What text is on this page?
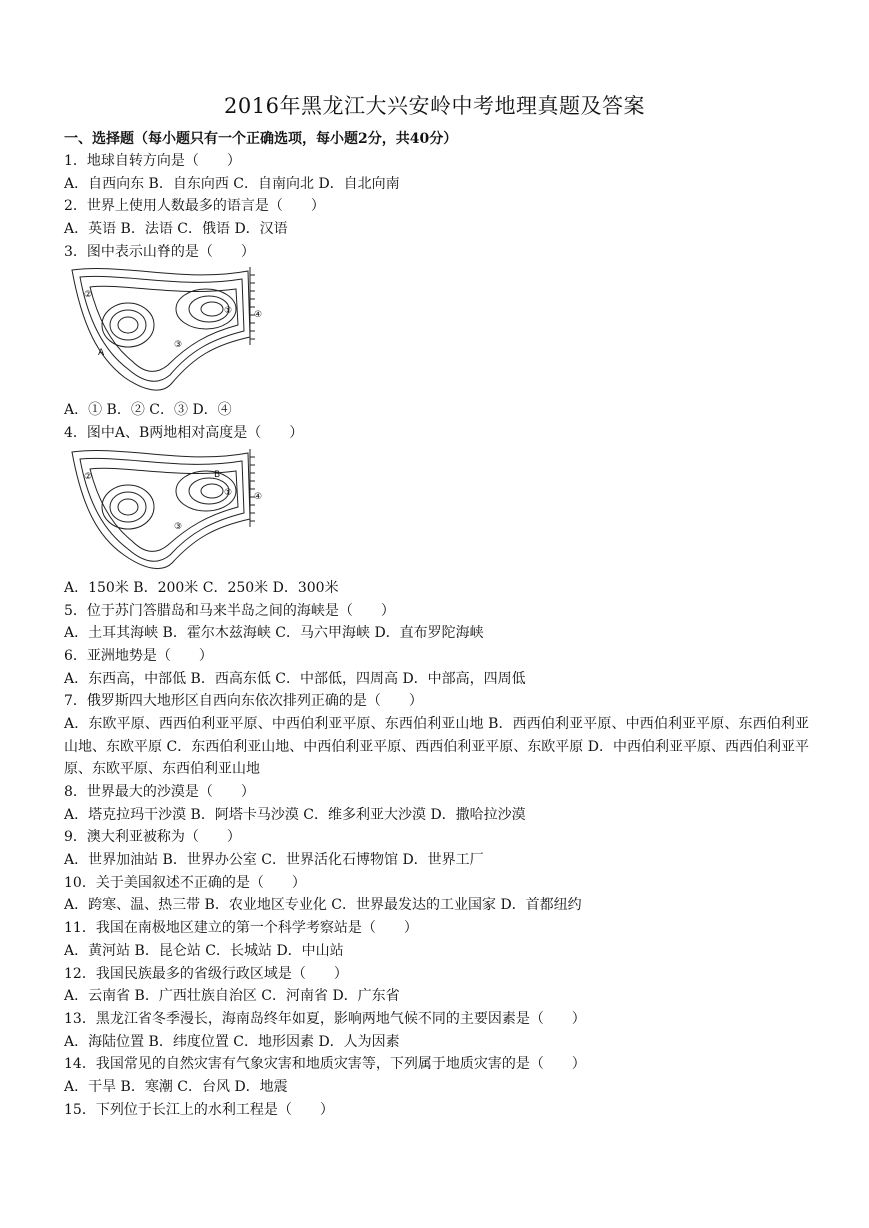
2016年黑龙江大兴安岭中考地理真题及答案
一、选择题（每小题只有一个正确选项，每小题2分，共40分）
1．地球自转方向是（　　）
A．自西向东 B．自东向西 C．自南向北 D．自北向南
2．世界上使用人数最多的语言是（　　）
A．英语 B．法语 C．俄语 D．汉语
3．图中表示山脊的是（　　）
②
①
③
④
A
A．① B．② C．③ D．④
4．图中A、B两地相对高度是（　　）
②
①
③
④
B
A．150米 B．200米 C．250米 D．300米
5．位于苏门答腊岛和马来半岛之间的海峡是（　　）
A．土耳其海峡 B．霍尔木兹海峡 C．马六甲海峡 D．直布罗陀海峡
6．亚洲地势是（　　）
A．东西高，中部低 B．西高东低 C．中部低，四周高 D．中部高，四周低
7．俄罗斯四大地形区自西向东依次排列正确的是（　　）
A．东欧平原、西西伯利亚平原、中西伯利亚平原、东西伯利亚山地 B．西西伯利亚平原、中西伯利亚平原、东西伯利亚山地、东欧平原 C．东西伯利亚山地、中西伯利亚平原、西西伯利亚平原、东欧平原 D．中西伯利亚平原、西西伯利亚平原、东欧平原、东西伯利亚山地
8．世界最大的沙漠是（　　）
A．塔克拉玛干沙漠 B．阿塔卡马沙漠 C．维多利亚大沙漠 D．撒哈拉沙漠
9．澳大利亚被称为（　　）
A．世界加油站 B．世界办公室 C．世界活化石博物馆 D．世界工厂
10．关于美国叙述不正确的是（　　）
A．跨寒、温、热三带 B．农业地区专业化 C．世界最发达的工业国家 D．首都纽约
11．我国在南极地区建立的第一个科学考察站是（　　）
A．黄河站 B．昆仑站 C．长城站 D．中山站
12．我国民族最多的省级行政区域是（　　）
A．云南省 B．广西壮族自治区 C．河南省 D．广东省
13．黑龙江省冬季漫长，海南岛终年如夏，影响两地气候不同的主要因素是（　　）
A．海陆位置 B．纬度位置 C．地形因素 D．人为因素
14．我国常见的自然灾害有气象灾害和地质灾害等，下列属于地质灾害的是（　　）
A．干旱 B．寒潮 C．台风 D．地震
15．下列位于长江上的水利工程是（　　）
